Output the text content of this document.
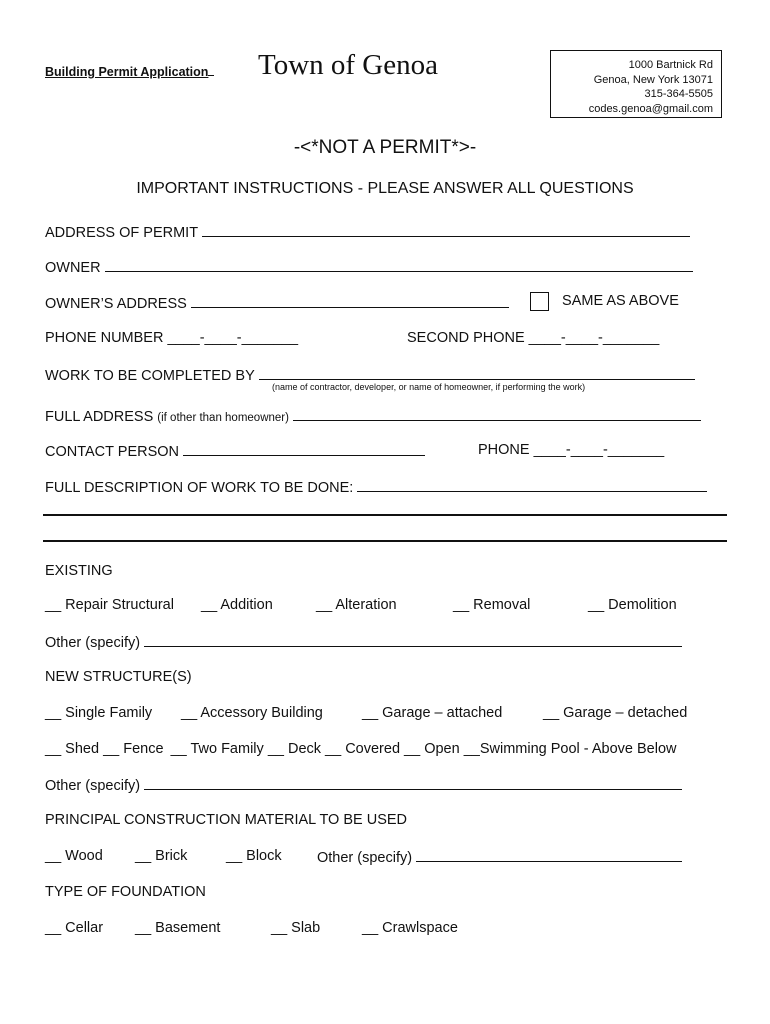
Building Permit Application Town of Genoa	1000 Bartnick Rd
Genoa, New York 13071
315-364-5505
codes.genoa@gmail.com
-<*NOT A PERMIT*>-
IMPORTANT INSTRUCTIONS - PLEASE ANSWER ALL QUESTIONS
ADDRESS OF PERMIT
OWNER
OWNER’S ADDRESS	SAME AS ABOVE
PHONE NUMBER ____-____-_______	SECOND PHONE ____-____-_______
WORK TO BE COMPLETED BY
(name of contractor, developer, or name of homeowner, if performing the work)
FULL ADDRESS (if other than homeowner)
CONTACT PERSON	PHONE ____-____-_______
FULL DESCRIPTION OF WORK TO BE DONE:
EXISTING
__ Repair Structural __ Addition	__ Alteration	__ Removal	__ Demolition
Other (specify)
NEW STRUCTURE(S)
__ Single Family __ Accessory Building	__ Garage – attached	__ Garage – detached
__ Shed __ Fence __ Two Family __ Deck __ Covered __ Open __Swimming Pool - Above Below
Other (specify)
PRINCIPAL CONSTRUCTION MATERIAL TO BE USED
__ Wood __ Brick	__ Block Other (specify)
TYPE OF FOUNDATION
__ Cellar __ Basement	__ Slab	__ Crawlspace
